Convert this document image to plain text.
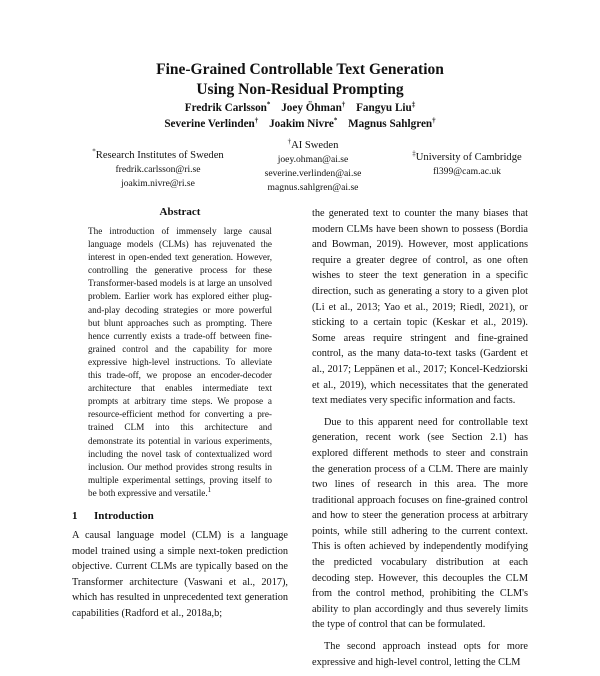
Fine-Grained Controllable Text Generation
Using Non-Residual Prompting
Fredrik Carlsson* Joey Öhman† Fangyu Liu‡
Severine Verlinden† Joakim Nivre* Magnus Sahlgren†
*Research Institutes of Sweden
fredrik.carlsson@ri.se
joakim.nivre@ri.se
†AI Sweden
joey.ohman@ai.se
severine.verlinden@ai.se
magnus.sahlgren@ai.se
‡University of Cambridge
fl399@cam.ac.uk
Abstract
The introduction of immensely large causal language models (CLMs) has rejuvenated the interest in open-ended text generation. However, controlling the generative process for these Transformer-based models is at large an unsolved problem. Earlier work has explored either plug-and-play decoding strategies or more powerful but blunt approaches such as prompting. There hence currently exists a trade-off between fine-grained control and the capability for more expressive high-level instructions. To alleviate this trade-off, we propose an encoder-decoder architecture that enables intermediate text prompts at arbitrary time steps. We propose a resource-efficient method for converting a pre-trained CLM into this architecture and demonstrate its potential in various experiments, including the novel task of contextualized word inclusion. Our method provides strong results in multiple experimental settings, proving itself to be both expressive and versatile.$^1$
1 Introduction
A causal language model (CLM) is a language model trained using a simple next-token prediction objective. Current CLMs are typically based on the Transformer architecture (Vaswani et al., 2017), which has resulted in unprecedented text generation capabilities (Radford et al., 2018a,b;

the generated text to counter the many biases that modern CLMs have been shown to possess (Bordia and Bowman, 2019). However, most applications require a greater degree of control, as one often wishes to steer the text generation in a specific direction, such as generating a story to a given plot (Li et al., 2013; Yao et al., 2019; Riedl, 2021), or sticking to a certain topic (Keskar et al., 2019). Some areas require stringent and fine-grained control, as the many data-to-text tasks (Gardent et al., 2017; Leppänen et al., 2017; Koncel-Kedziorski et al., 2019), which necessitates that the generated text mediates very specific information and facts.

Due to this apparent need for controllable text generation, recent work (see Section 2.1) has explored different methods to steer and constrain the generation process of a CLM. There are mainly two lines of research in this area. The more traditional approach focuses on fine-grained control and how to steer the generation process at arbitrary points, while still adhering to the current context. This is often achieved by independently modifying the predicted vocabulary distribution at each decoding step. However, this decouples the CLM from the control method, prohibiting the CLM's ability to plan accordingly and thus severely limits the type of control that can be formulated.

The second approach instead opts for more expressive and high-level control, letting the CLM
